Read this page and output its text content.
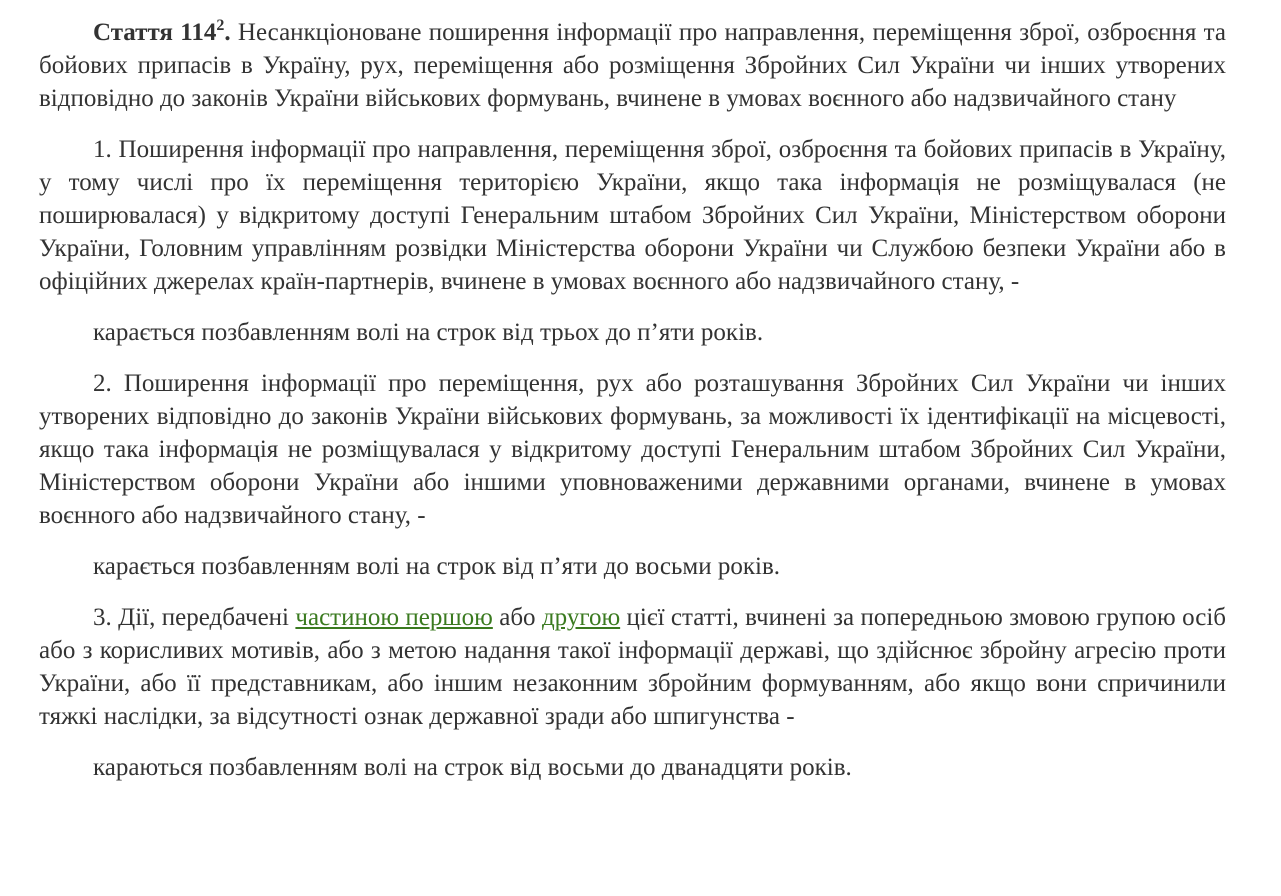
Стаття $114^2$. Несанкціоноване поширення інформації про направлення, переміщення зброї, озброєння та бойових припасів в Україну, рух, переміщення або розміщення Збройних Сил України чи інших утворених відповідно до законів України військових формувань, вчинене в умовах воєнного або надзвичайного стану

1. Поширення інформації про направлення, переміщення зброї, озброєння та бойових припасів в Україну, у тому числі про їх переміщення територією України, якщо така інформація не розміщувалася (не поширювалася) у відкритому доступі Генеральним штабом Збройних Сил України, Міністерством оборони України, Головним управлінням розвідки Міністерства оборони України чи Службою безпеки України або в офіційних джерелах країн-партнерів, вчинене в умовах воєнного або надзвичайного стану, -

карається позбавленням волі на строк від трьох до п’яти років.

2. Поширення інформації про переміщення, рух або розташування Збройних Сил України чи інших утворених відповідно до законів України військових формувань, за можливості їх ідентифікації на місцевості, якщо така інформація не розміщувалася у відкритому доступі Генеральним штабом Збройних Сил України, Міністерством оборони України або іншими уповноваженими державними органами, вчинене в умовах воєнного або надзвичайного стану, -

карається позбавленням волі на строк від п’яти до восьми років.

3. Дії, передбачені частиною першою або другою цієї статті, вчинені за попередньою змовою групою осіб або з корисливих мотивів, або з метою надання такої інформації державі, що здійснює збройну агресію проти України, або її представникам, або іншим незаконним збройним формуванням, або якщо вони спричинили тяжкі наслідки, за відсутності ознак державної зради або шпигунства -

караються позбавленням волі на строк від восьми до дванадцяти років.
